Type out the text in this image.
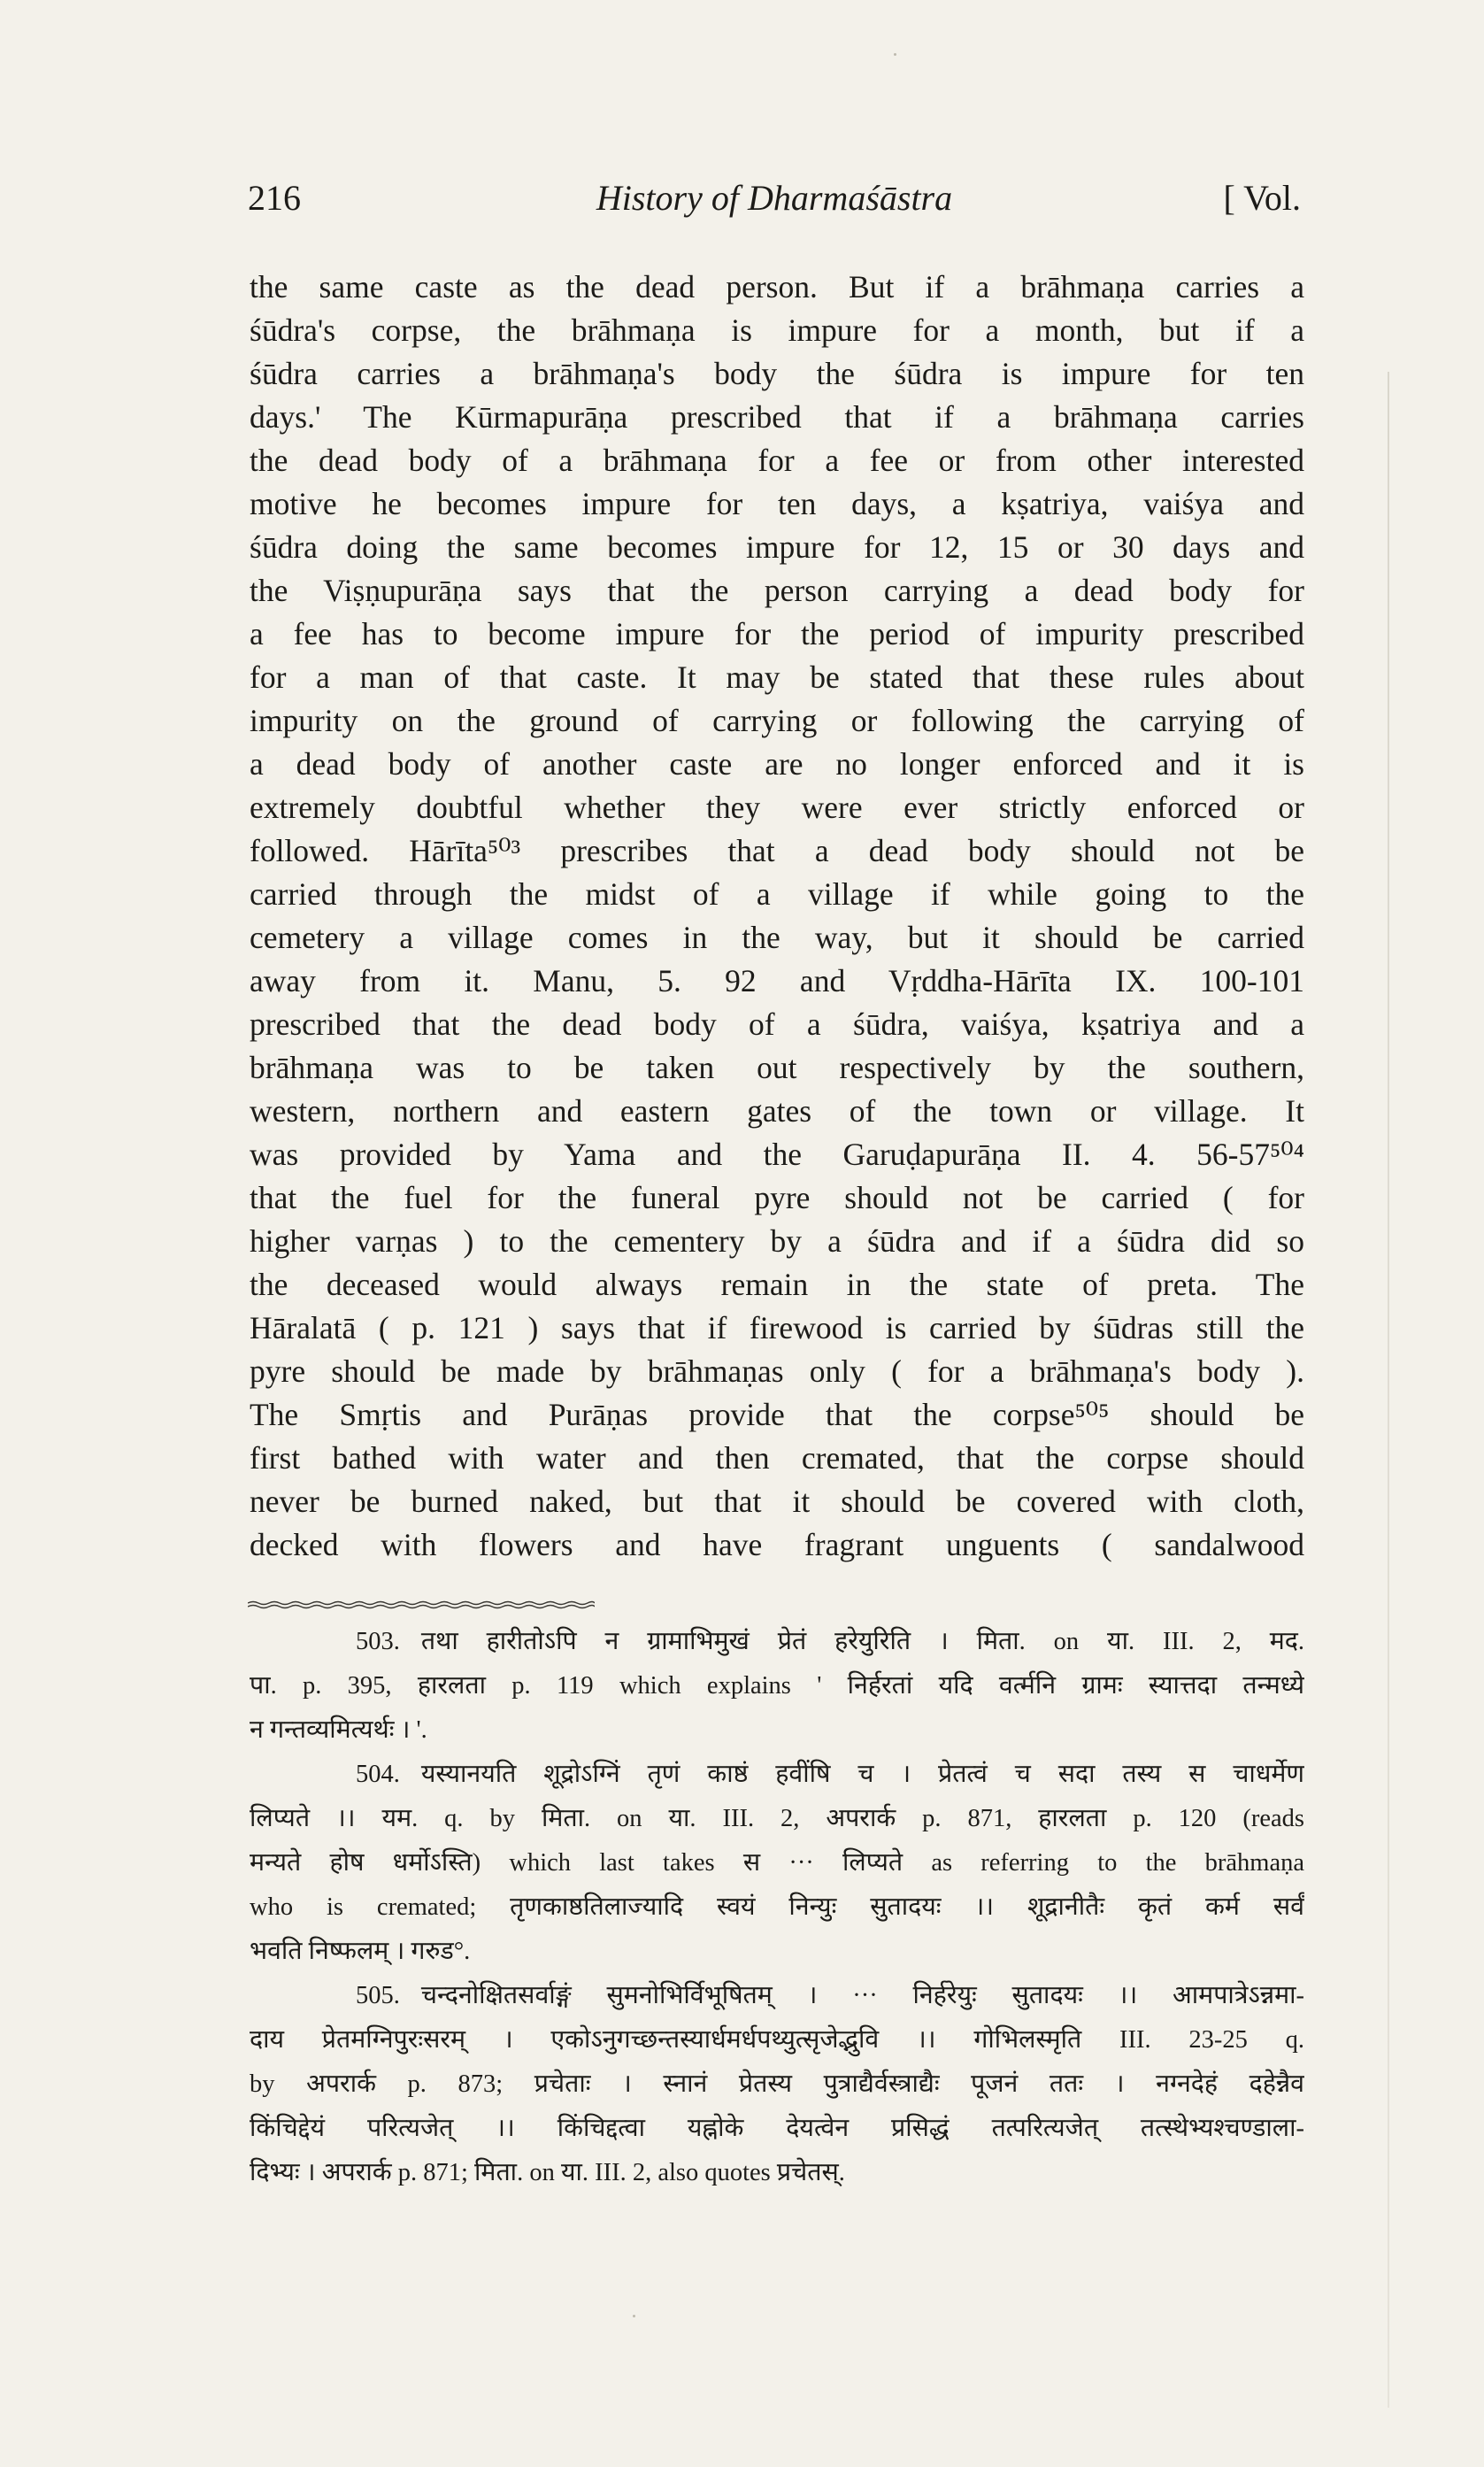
216	History of Dharmaśāstra	[ Vol.
the same caste as the dead person. But if a brāhmaṇa carries a
śūdra's corpse, the brāhmaṇa is impure for a month, but if a
śūdra carries a brāhmaṇa's body the śūdra is impure for ten
days.' The Kūrmapurāṇa prescribed that if a brāhmaṇa carries
the dead body of a brāhmaṇa for a fee or from other interested
motive he becomes impure for ten days, a kṣatriya, vaiśya and
śūdra doing the same becomes impure for 12, 15 or 30 days and
the Viṣṇupurāṇa says that the person carrying a dead body for
a fee has to become impure for the period of impurity prescribed
for a man of that caste. It may be stated that these rules about
impurity on the ground of carrying or following the carrying of
a dead body of another caste are no longer enforced and it is
extremely doubtful whether they were ever strictly enforced or
followed. Hārīta⁵⁰³ prescribes that a dead body should not be
carried through the midst of a village if while going to the
cemetery a village comes in the way, but it should be carried
away from it. Manu, 5. 92 and Vṛddha-Hārīta IX. 100-101
prescribed that the dead body of a śūdra, vaiśya, kṣatriya and a
brāhmaṇa was to be taken out respectively by the southern,
western, northern and eastern gates of the town or village. It
was provided by Yama and the Garuḍapurāṇa II. 4. 56-57⁵⁰⁴
that the fuel for the funeral pyre should not be carried ( for
higher varṇas ) to the cementery by a śūdra and if a śūdra did so
the deceased would always remain in the state of preta. The
Hāralatā ( p. 121 ) says that if firewood is carried by śūdras still the
pyre should be made by brāhmaṇas only ( for a brāhmaṇa's body ).
The Smṛtis and Purāṇas provide that the corpse⁵⁰⁵ should be
first bathed with water and then cremated, that the corpse should
never be burned naked, but that it should be covered with cloth,
decked with flowers and have fragrant unguents ( sandalwood
503. तथा हारीतोऽपि न ग्रामाभिमुखं प्रेतं हरेयुरिति । मिता. on या. III. 2, मद.
पा. p. 395, हारलता p. 119 which explains ' निर्हरतां यदि वर्त्मनि ग्रामः स्यात्तदा तन्मध्ये
न गन्तव्यमित्यर्थः । '.
504. यस्यानयति शूद्रोऽग्निं तृणं काष्ठं हवींषि च । प्रेतत्वं च सदा तस्य स चाधर्मेण
लिप्यते ।। यम. q. by मिता. on या. III. 2, अपरार्क p. 871, हारलता p. 120 (reads
मन्यते होष धर्मोऽस्ति) which last takes स ··· लिप्यते as referring to the brāhmaṇa
who is cremated; तृणकाष्ठतिलाज्यादि स्वयं निन्युः सुतादयः ।। शूद्रानीतैः कृतं कर्म सर्वं
भवति निष्फलम् । गरुड°.
505. चन्दनोक्षितसर्वाङ्गं सुमनोभिर्विभूषितम् । ··· निर्हरेयुः सुतादयः ।। आमपात्रेऽन्नमा-
दाय प्रेतमग्निपुरःसरम् । एकोऽनुगच्छन्तस्यार्धमर्धपथ्युत्सृजेद्भुवि ।। गोभिलस्मृति III. 23-25 q.
by अपरार्क p. 873; प्रचेताः । स्नानं प्रेतस्य पुत्राद्यैर्वस्त्राद्यैः पूजनं ततः । नग्नदेहं दहेन्नैव
किंचिद्देयं परित्यजेत् ।। किंचिद्दत्वा यह्नोके देयत्वेन प्रसिद्धं तत्परित्यजेत् तत्स्थेभ्यश्चण्डाला-
दिभ्यः । अपरार्क p. 871; मिता. on या. III. 2, also quotes प्रचेतस्.
